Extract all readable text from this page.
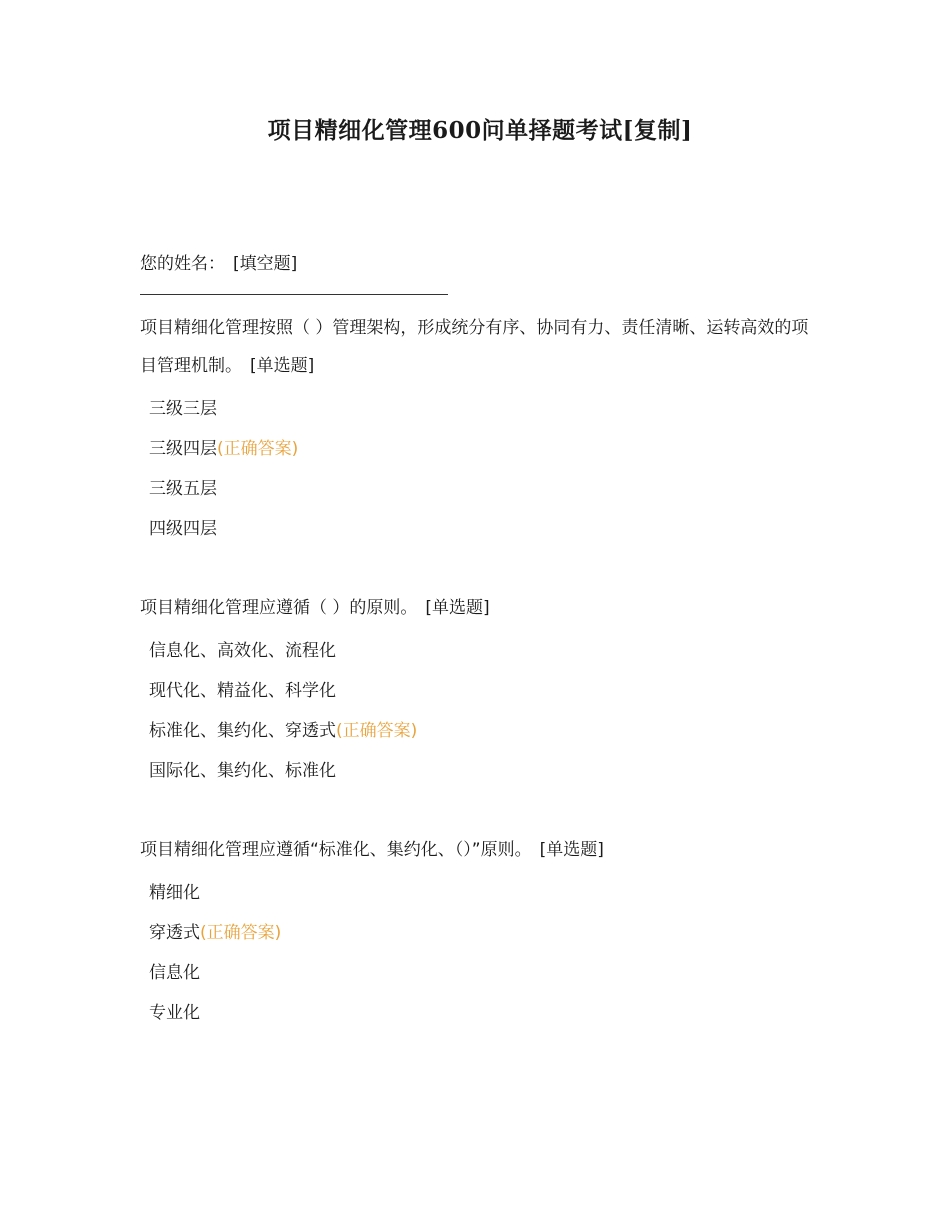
项目精细化管理600问单择题考试[复制]
您的姓名： [填空题]

项目精细化管理按照（ ）管理架构，形成统分有序、协同有力、责任清晰、运转高效的项目管理机制。 [单选题]

三级三层
三级四层(正确答案)
三级五层
四级四层

项目精细化管理应遵循（ ）的原则。 [单选题]

信息化、高效化、流程化
现代化、精益化、科学化
标准化、集约化、穿透式(正确答案)
国际化、集约化、标准化

项目精细化管理应遵循“标准化、集约化、（）”原则。 [单选题]

精细化
穿透式(正确答案)
信息化
专业化
